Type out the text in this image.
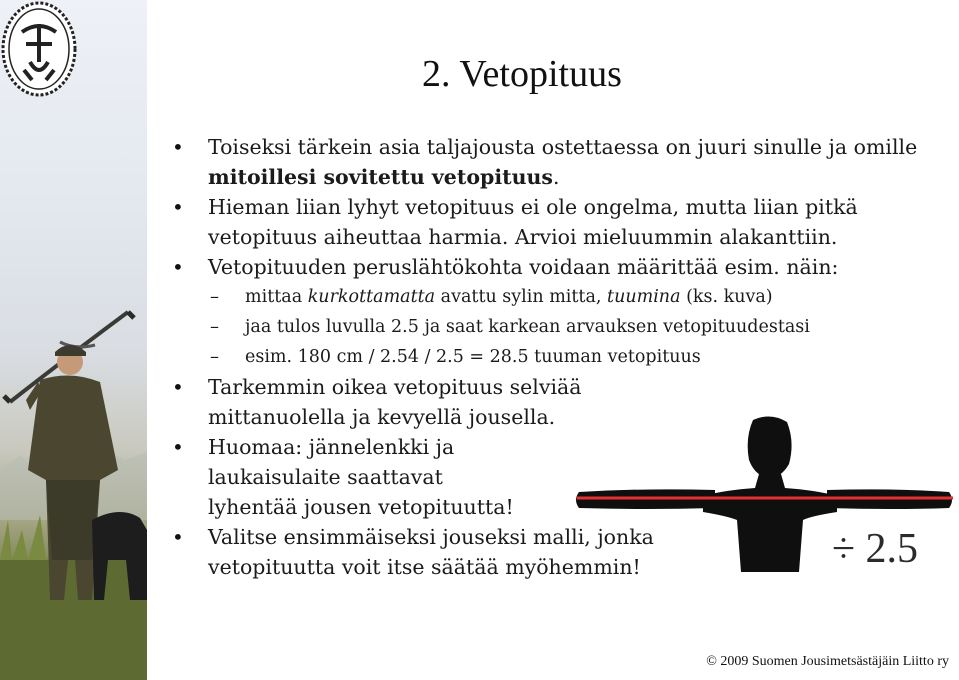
2. Vetopituus
• Toiseksi tärkein asia taljajousta ostettaessa on juuri sinulle ja omille mitoillesi sovitettu vetopituus.
• Hieman liian lyhyt vetopituus ei ole ongelma, mutta liian pitkä vetopituus aiheuttaa harmia. Arvioi mieluummin alakanttiin.
• Vetopituuden peruslähtökohta voidaan määrittää esim. näin:
– mittaa kurkottamatta avattu sylin mitta, tuumina (ks. kuva)
– jaa tulos luvulla 2.5 ja saat karkean arvauksen vetopituudestasi
– esim. 180 cm / 2.54 / 2.5 = 28.5 tuuman vetopituus
• Tarkemmin oikea vetopituus selviää mittanuolella ja kevyellä jousella.
• Huomaa: jännelenkki ja laukaisulaite saattavat lyhentää jousen vetopituutta!
• Valitse ensimmäiseksi jouseksi malli, jonka vetopituutta voit itse säätää myöhemmin!	÷ 2.5
© 2009 Suomen Jousimetsästäjäin Liitto ry
